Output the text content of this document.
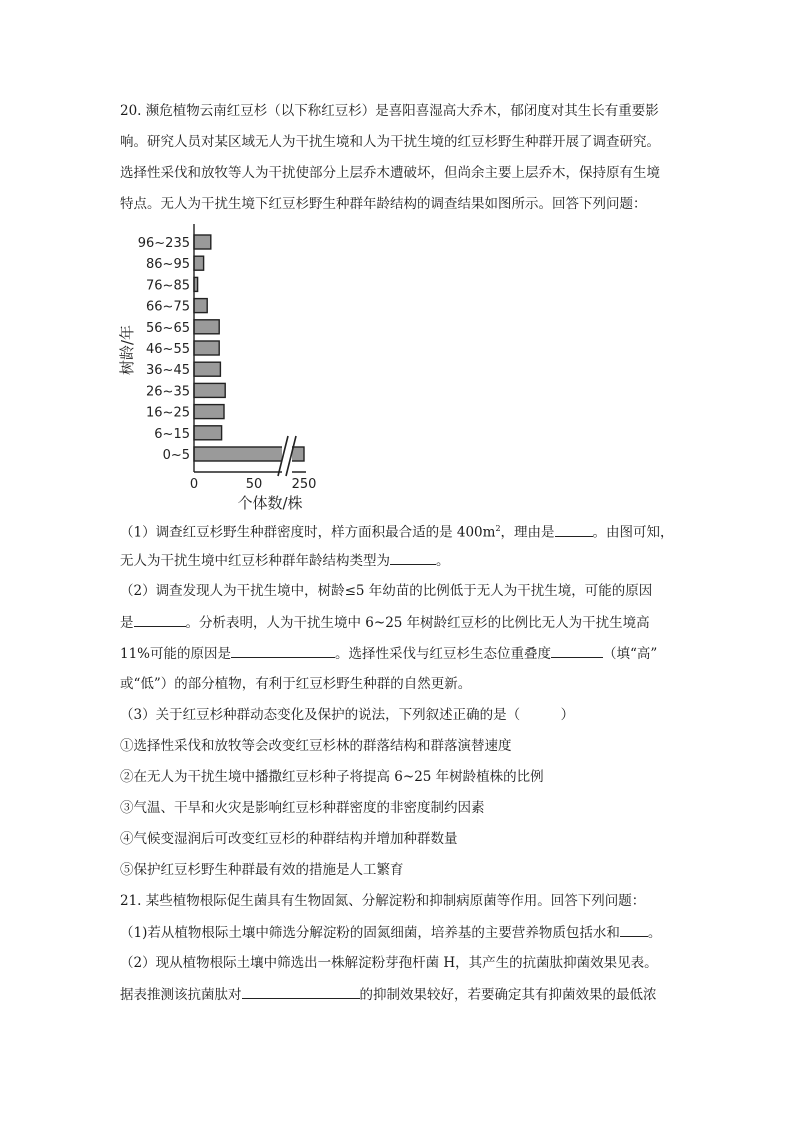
20. 濒危植物云南红豆杉（以下称红豆杉）是喜阳喜湿高大乔木，郁闭度对其生长有重要影
响。研究人员对某区域无人为干扰生境和人为干扰生境的红豆杉野生种群开展了调查研究。
选择性采伐和放牧等人为干扰使部分上层乔木遭破坏，但尚余主要上层乔木，保持原有生境
特点。无人为干扰生境下红豆杉野生种群年龄结构的调查结果如图所示。回答下列问题：
树龄/年
0~5
6~15
16~25
26~35
36~45
46~55
56~65
66~75
76~85
86~95
96~235
0	50 250
个体数/株
（1）调查红豆杉野生种群密度时，样方面积最合适的是 $400m^2$，理由是	。由图可知，
无人为干扰生境中红豆杉种群年龄结构类型为	。
（2）调查发现人为干扰生境中，树龄≤5 年幼苗的比例低于无人为干扰生境，可能的原因
是	。分析表明，人为干扰生境中 6~25 年树龄红豆杉的比例比无人为干扰生境高
11%可能的原因是	。选择性采伐与红豆杉生态位重叠度	（填“高”
或“低”）的部分植物，有利于红豆杉野生种群的自然更新。
（3）关于红豆杉种群动态变化及保护的说法，下列叙述正确的是（　　　）
①选择性采伐和放牧等会改变红豆杉林的群落结构和群落演替速度
②在无人为干扰生境中播撒红豆杉种子将提高 6~25 年树龄植株的比例
③气温、干旱和火灾是影响红豆杉种群密度的非密度制约因素
④气候变湿润后可改变红豆杉的种群结构并增加种群数量
⑤保护红豆杉野生种群最有效的措施是人工繁育
21. 某些植物根际促生菌具有生物固氮、分解淀粉和抑制病原菌等作用。回答下列问题：
（1)若从植物根际土壤中筛选分解淀粉的固氮细菌，培养基的主要营养物质包括水和 。
（2）现从植物根际土壤中筛选出一株解淀粉芽孢杆菌 H，其产生的抗菌肽抑菌效果见表。
据表推测该抗菌肽对	的抑制效果较好，若要确定其有抑菌效果的最低浓
